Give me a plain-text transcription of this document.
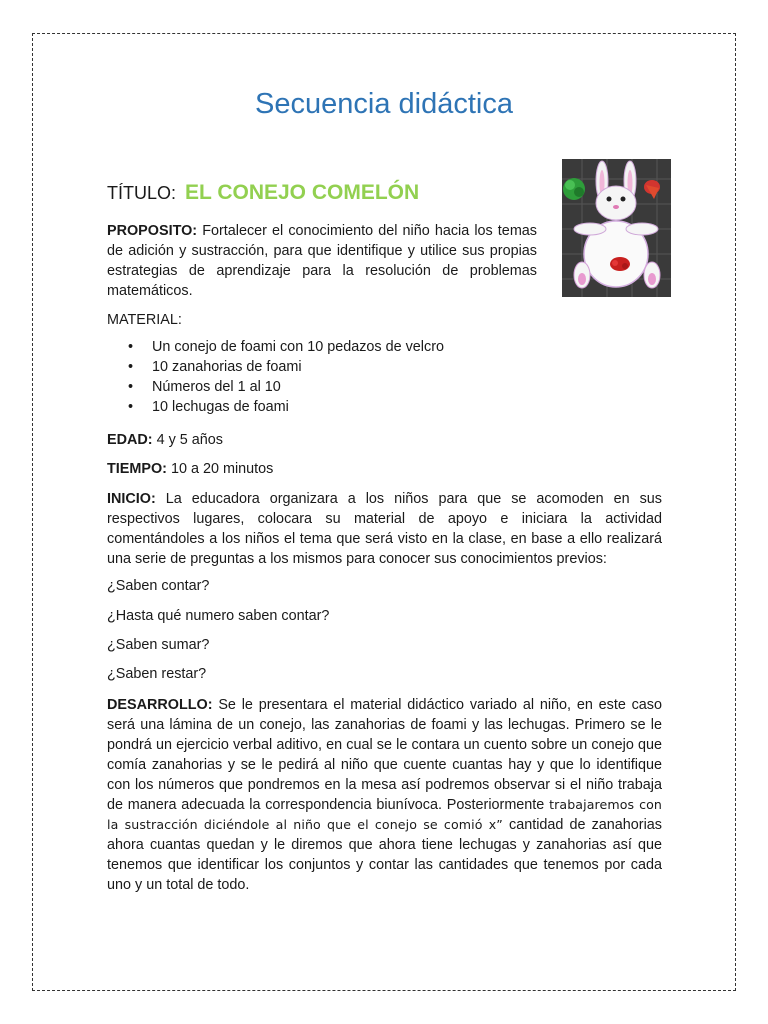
Secuencia didáctica
TÍTULO: EL CONEJO COMELÓN
PROPOSITO: Fortalecer el conocimiento del niño hacia los temas de adición y sustracción, para que identifique y utilice sus propias estrategias de aprendizaje para la resolución de problemas matemáticos.
MATERIAL:
• Un conejo de foami con 10 pedazos de velcro
• 10 zanahorias de foami
• Números del 1 al 10
• 10 lechugas de foami
EDAD: 4 y 5 años
TIEMPO: 10 a 20 minutos
INICIO: La educadora organizara a los niños para que se acomoden en sus respectivos lugares, colocara su material de apoyo e iniciara la actividad comentándoles a los niños el tema que será visto en la clase, en base a ello realizará una serie de preguntas a los mismos para conocer sus conocimientos previos:
¿Saben contar?
¿Hasta qué numero saben contar?
¿Saben sumar?
¿Saben restar?
DESARROLLO: Se le presentara el material didáctico variado al niño, en este caso será una lámina de un conejo, las zanahorias de foami y las lechugas. Primero se le pondrá un ejercicio verbal aditivo, en cual se le contara un cuento sobre un conejo que comía zanahorias y se le pedirá al niño que cuente cuantas hay y que lo identifique con los números que pondremos en la mesa así podremos observar si el niño trabaja de manera adecuada la correspondencia biunívoca. Posteriormente trabajaremos con la sustracción diciéndole al niño que el conejo se comió x” cantidad de zanahorias ahora cuantas quedan y le diremos que ahora tiene lechugas y zanahorias así que tenemos que identificar los conjuntos y contar las cantidades que tenemos por cada uno y un total de todo.
